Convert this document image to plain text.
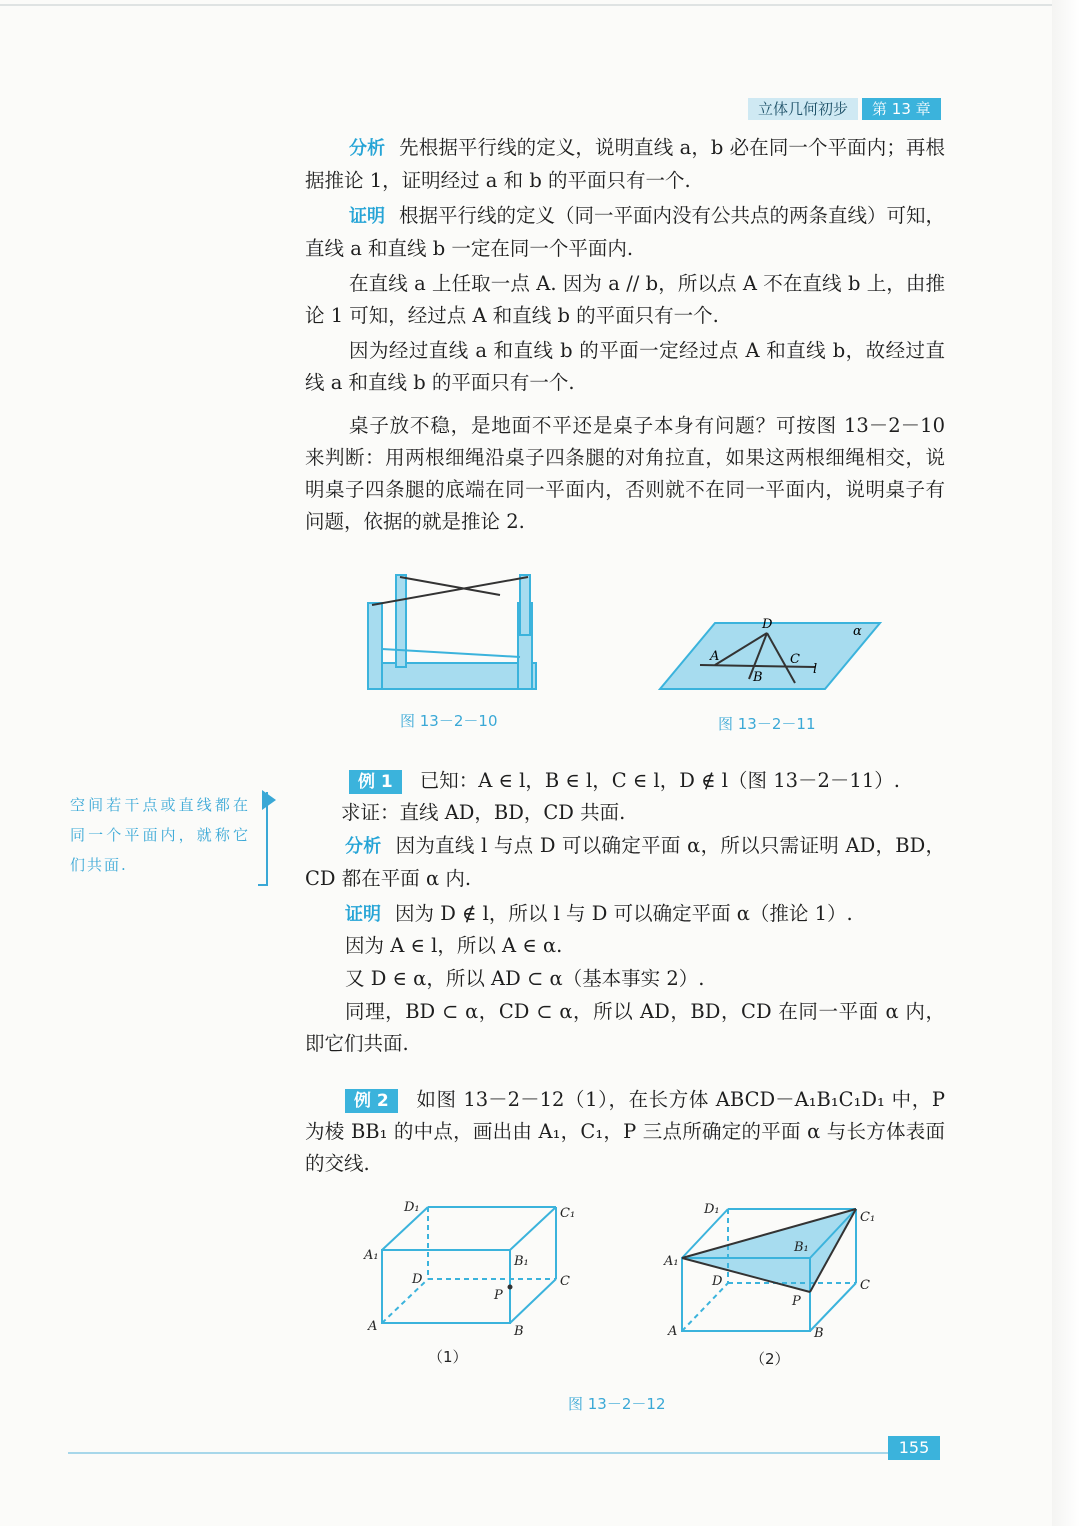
立体几何初步	第 13 章

分析 先根据平行线的定义，说明直线 a，b 必在同一个平面内；再根据推论 1，证明经过 a 和 b 的平面只有一个.

证明 根据平行线的定义（同一平面内没有公共点的两条直线）可知，直线 a 和直线 b 一定在同一个平面内.

在直线 a 上任取一点 A. 因为 a // b，所以点 A 不在直线 b 上，由推论 1 可知，经过点 A 和直线 b 的平面只有一个.

因为经过直线 a 和直线 b 的平面一定经过点 A 和直线 b，故经过直线 a 和直线 b 的平面只有一个.

桌子放不稳，是地面不平还是桌子本身有问题？可按图 13－2－10 来判断：用两根细绳沿桌子四条腿的对角拉直，如果这两根细绳相交，说明桌子四条腿的底端在同一平面内，否则就不在同一平面内，说明桌子有问题，依据的就是推论 2.

图 13－2－10
D	α
A	C
l
B
图 13－2－11
空间若干点或直线都在同一个平面内，就称它们共面.

例 1 已知：A ∈ l，B ∈ l，C ∈ l，D ∉ l（图 13－2－11）.

求证：直线 AD，BD，CD 共面.

分析 因为直线 l 与点 D 可以确定平面 α，所以只需证明 AD，BD，CD 都在平面 α 内.

证明 因为 D ∉ l，所以 l 与 D 可以确定平面 α（推论 1）.

因为 A ∈ l，所以 A ∈ α.

又 D ∈ α，所以 AD ⊂ α（基本事实 2）.

同理，BD ⊂ α，CD ⊂ α，所以 AD，BD，CD 在同一平面 α 内，即它们共面.

例 2 如图 13－2－12（1），在长方体 ABCD－A₁B₁C₁D₁ 中，P 为棱 BB₁ 的中点，画出由 A₁，C₁，P 三点所确定的平面 α 与长方体表面的交线.

D₁	C₁
A₁	B₁
D	C
P
A	B
（1）
D₁
C₁
A₁
B₁
D	C
P
A	B
（2）
图 13－2－12
155
